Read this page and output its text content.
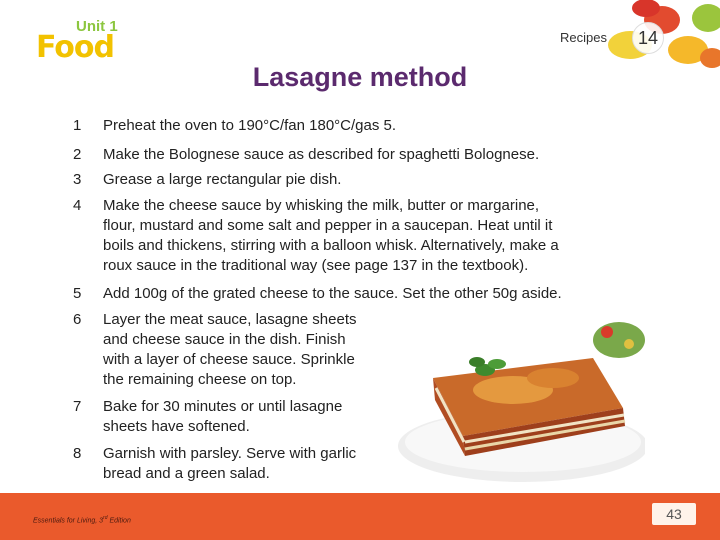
Unit 1
Food	Recipes	14
Lasagne method
1	Preheat the oven to 190°C/fan 180°C/gas 5.
2	Make the Bolognese sauce as described for spaghetti Bolognese.
3	Grease a large rectangular pie dish.
4	Make the cheese sauce by whisking the milk, butter or margarine,
flour, mustard and some salt and pepper in a saucepan. Heat until it
boils and thickens, stirring with a balloon whisk. Alternatively, make a
roux sauce in the traditional way (see page 137 in the textbook).
5	Add 100g of the grated cheese to the sauce. Set the other 50g aside.
6	Layer the meat sauce, lasagne sheets
and cheese sauce in the dish. Finish
with a layer of cheese sauce. Sprinkle
the remaining cheese on top.
7	Bake for 30 minutes or until lasagne
sheets have softened.
8	Garnish with parsley. Serve with garlic
bread and a green salad.
Essentials for Living, 3rd Edition	43
